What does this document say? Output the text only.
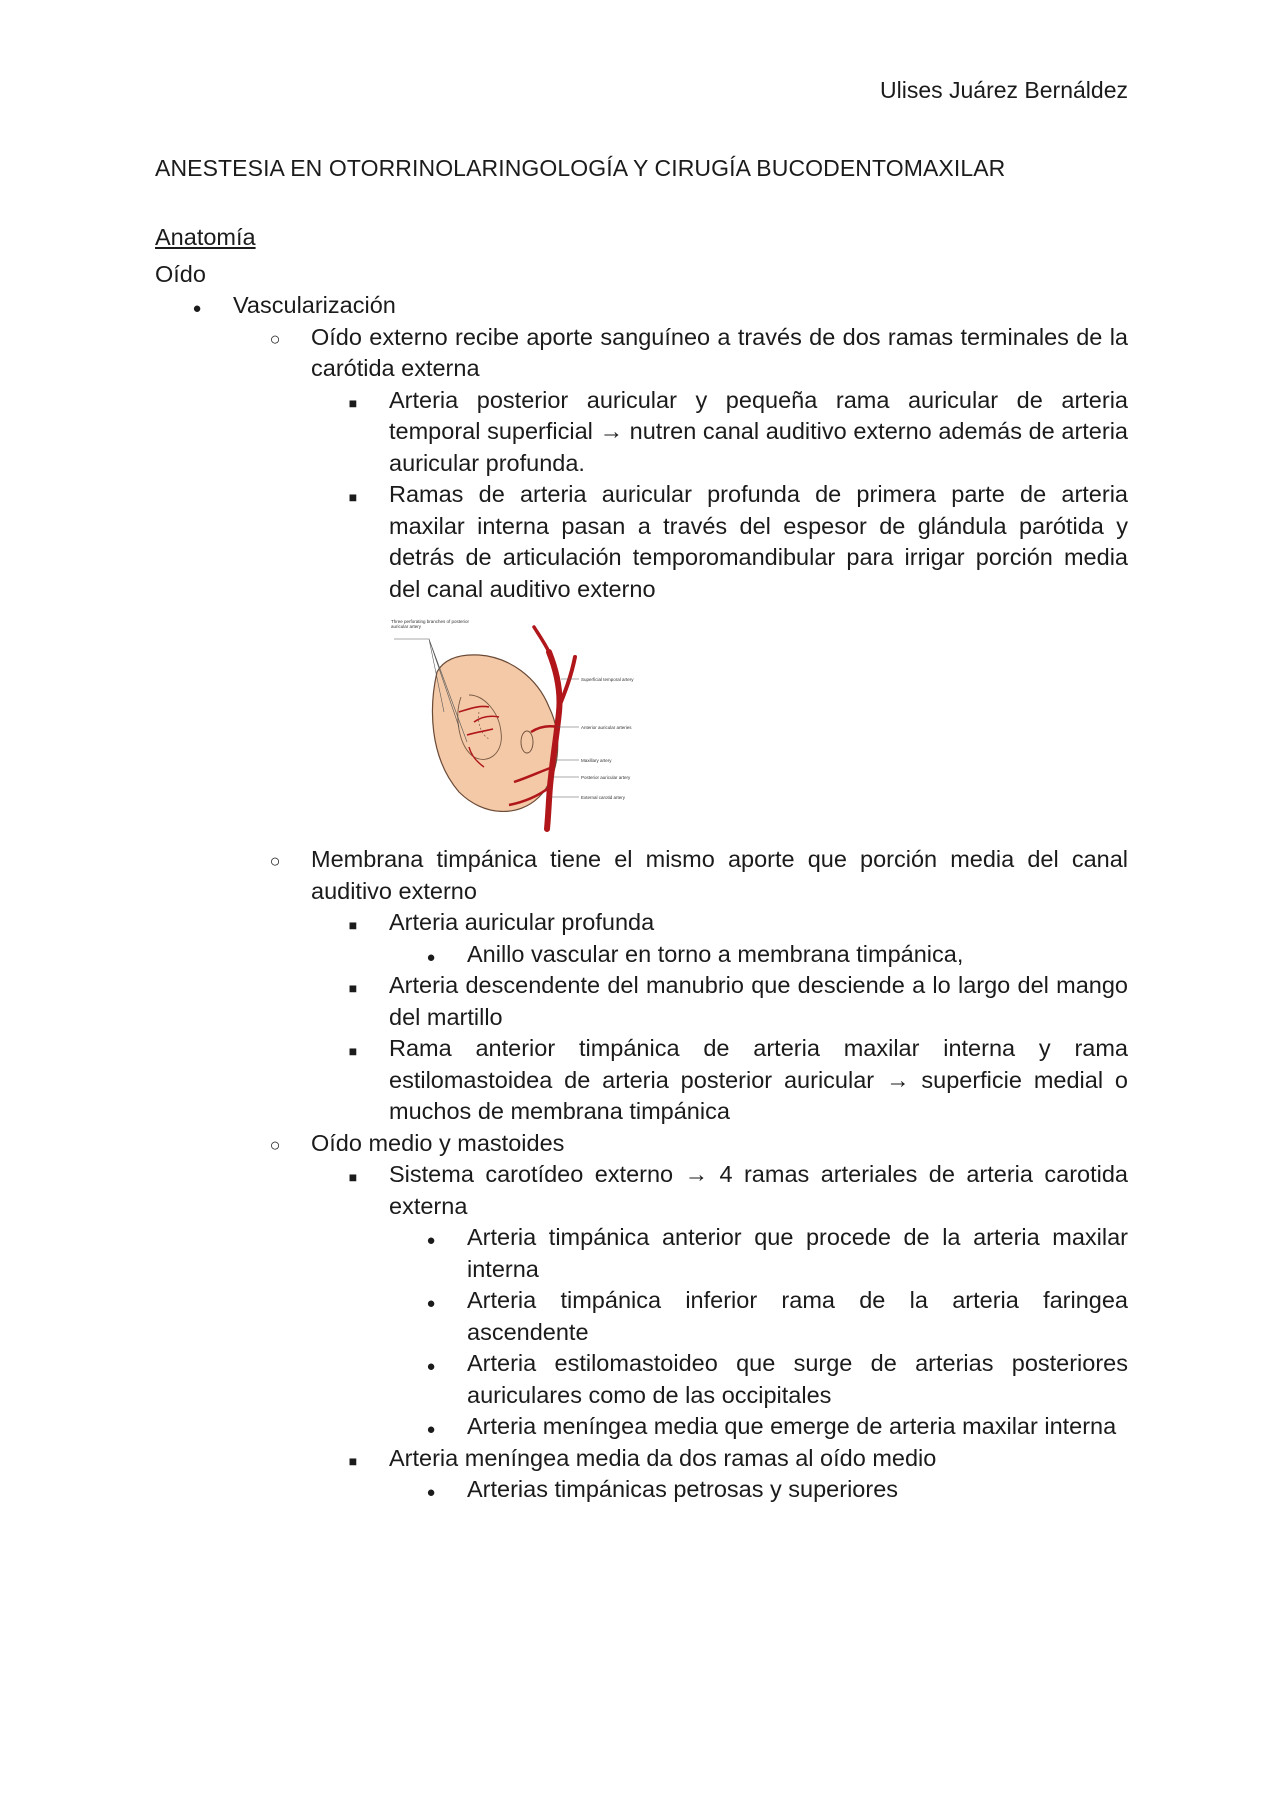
Ulises Juárez Bernáldez
ANESTESIA EN OTORRINOLARINGOLOGÍA Y CIRUGÍA BUCODENTOMAXILAR

Anatomía

Oído

●
Vascularización
○
Oído externo recibe aporte sanguíneo a través de dos ramas terminales de la carótida externa
■
Arteria posterior auricular y pequeña rama auricular de arteria temporal superficial → nutren canal auditivo externo además de arteria auricular profunda.
■
Ramas de arteria auricular profunda de primera parte de arteria maxilar interna pasan a través del espesor de glándula parótida y detrás de articulación temporomandibular para irrigar porción media del canal auditivo externo
Three perforating branches of posterior auricular artery
Superficial temporal artery
Anterior auricular arteries
Maxillary artery
Posterior auricular artery
External carotid artery
○
Membrana timpánica tiene el mismo aporte que porción media del canal auditivo externo
■
Arteria auricular profunda
●
Anillo vascular en torno a membrana timpánica,
■
Arteria descendente del manubrio que desciende a lo largo del mango del martillo
■
Rama anterior timpánica de arteria maxilar interna y rama estilomastoidea de arteria posterior auricular → superficie medial o muchos de membrana timpánica
○
Oído medio y mastoides
■
Sistema carotídeo externo → 4 ramas arteriales de arteria carotida externa
●
Arteria timpánica anterior que procede de la arteria maxilar interna
●
Arteria timpánica inferior rama de la arteria faringea ascendente
●
Arteria estilomastoideo que surge de arterias posteriores auriculares como de las occipitales
●
Arteria meníngea media que emerge de arteria maxilar interna
■
Arteria meníngea media da dos ramas al oído medio
●
Arterias timpánicas petrosas y superiores
